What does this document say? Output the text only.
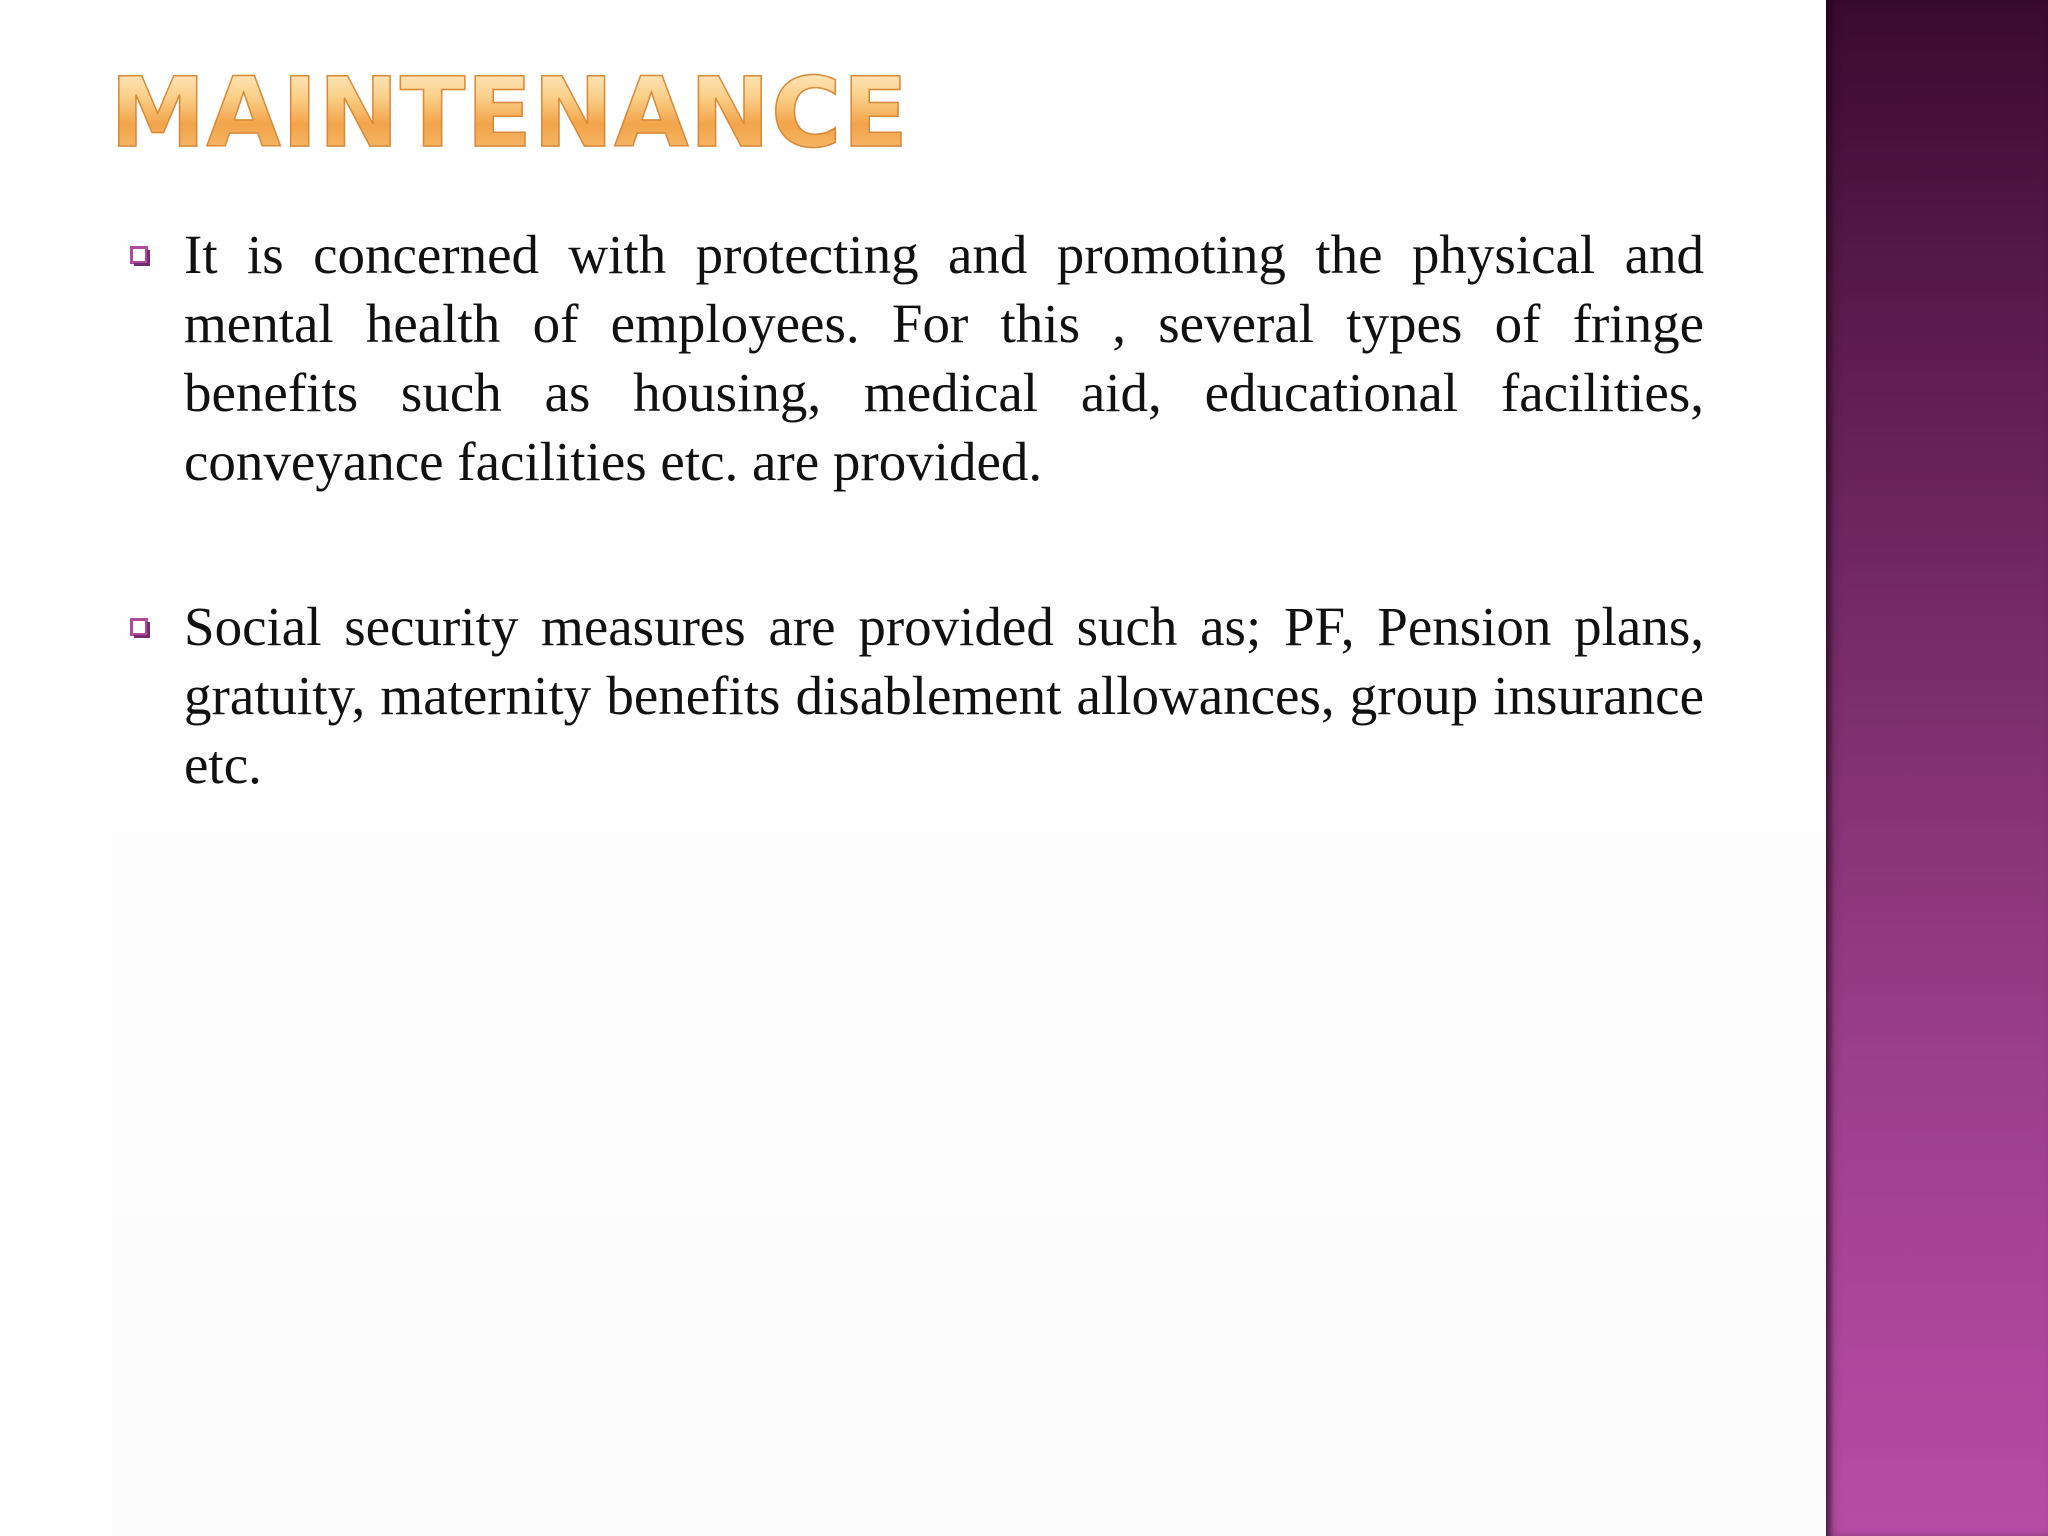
MAINTENANCE
It is concerned with protecting and promoting the physical and mental health of employees. For this , several types of fringe benefits such as housing, medical aid, educational facilities, conveyance facilities etc. are provided.
Social security measures are provided such as; PF, Pension plans, gratuity, maternity benefits disablement allowances, group insurance etc.
